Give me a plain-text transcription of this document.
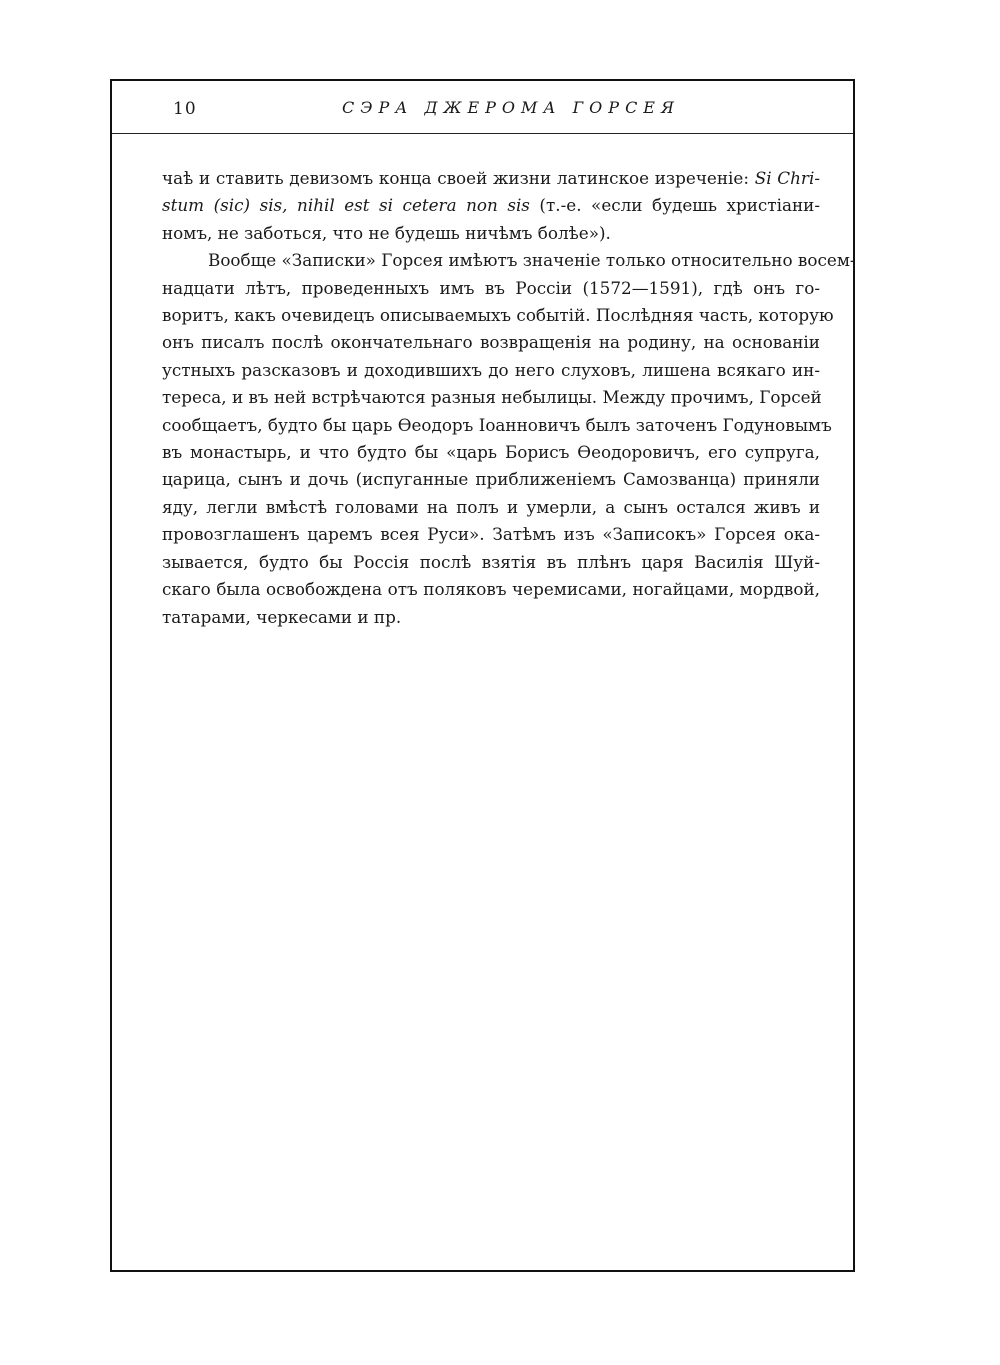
10	СЭРА ДЖЕРОМА ГОРСЕЯ
чаѣ и ставить девизомъ конца своей жизни латинское изреченіе: Si Chri-
stum (sic) sis, nihil est si cetera non sis (т.-е. «если будешь христіани-
номъ, не заботься, что не будешь ничѣмъ болѣе»).
Вообще «Записки» Горсея имѣютъ значеніе только относительно восем-
надцати лѣтъ, проведенныхъ имъ въ Россіи (1572—1591), гдѣ онъ го-
воритъ, какъ очевидецъ описываемыхъ событій. Послѣдняя часть, которую
онъ писалъ послѣ окончательнаго возвращенія на родину, на основаніи
устныхъ разсказовъ и доходившихъ до него слуховъ, лишена всякаго ин-
тереса, и въ ней встрѣчаются разныя небылицы. Между прочимъ, Горсей
сообщаетъ, будто бы царь Ѳеодоръ Іоанновичъ былъ заточенъ Годуновымъ
въ монастырь, и что будто бы «царь Борисъ Ѳеодоровичъ, его супруга,
царица, сынъ и дочь (испуганные приближеніемъ Самозванца) приняли
яду, легли вмѣстѣ головами на полъ и умерли, а сынъ остался живъ и
провозглашенъ царемъ всея Руси». Затѣмъ изъ «Записокъ» Горсея ока-
зывается, будто бы Россія послѣ взятія въ плѣнъ царя Василія Шуй-
скаго была освобождена отъ поляковъ черемисами, ногайцами, мордвой,
татарами, черкесами и пр.
